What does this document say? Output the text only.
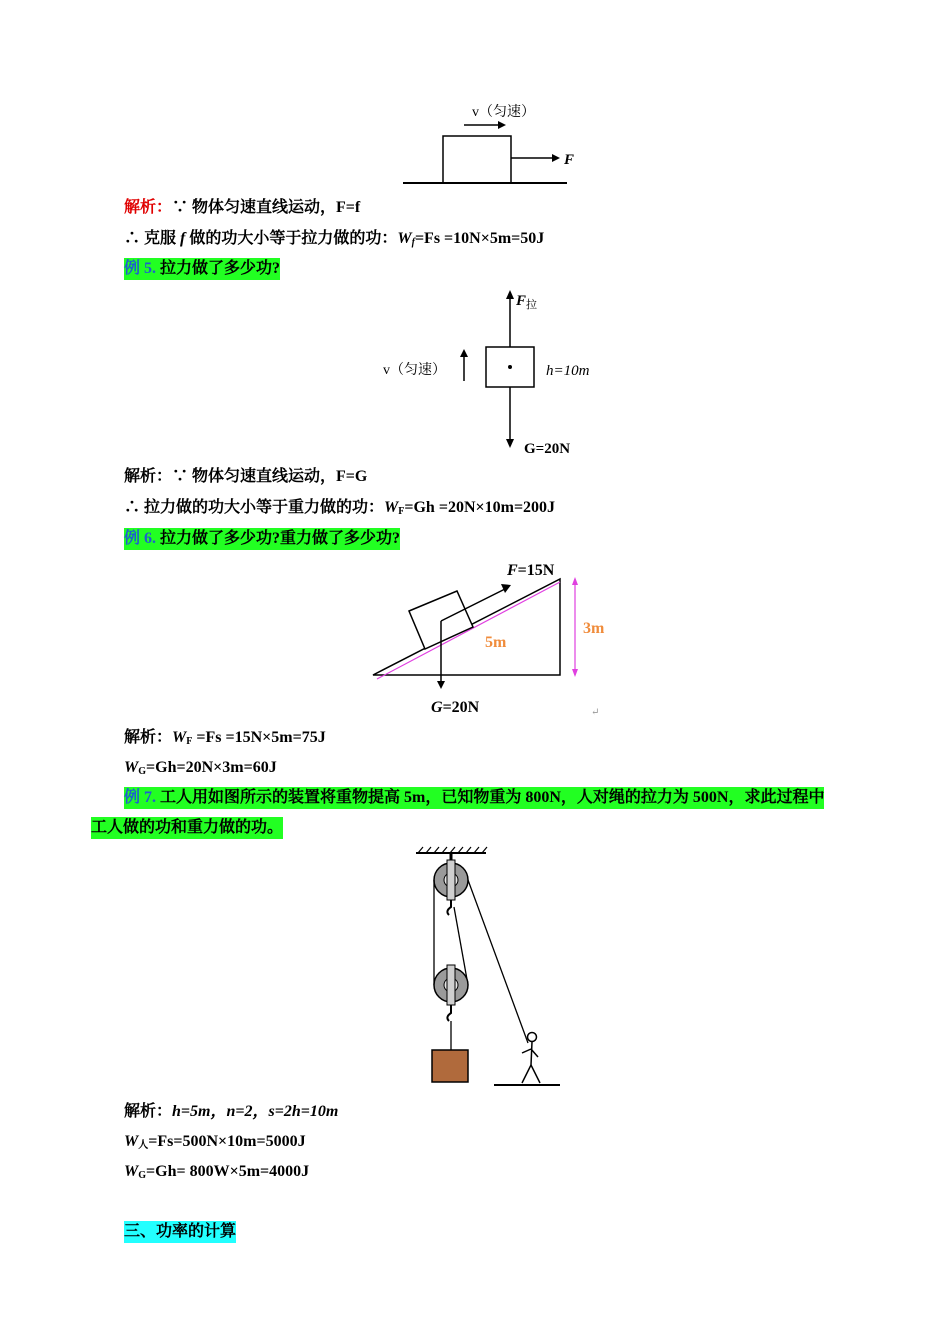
v（匀速）
F
解析：∵ 物体匀速直线运动，F=f
∴ 克服 f 做的功大小等于拉力做的功：$W_f=Fs =10N\times 5m=50J$
例 5. 拉力做了多少功?
$F_拉$
v（匀速）	h=10m
G=20N
解析：∵ 物体匀速直线运动，F=G
∴ 拉力做的功大小等于重力做的功：$W_F=Gh =20N\times 10m=200J$
例 6. 拉力做了多少功?重力做了多少功?
5m
3m
F=15N
G=20N	↵
解析：$W_F =Fs =15N\times 5m=75J$
$W_G=Gh=20N\times 3m=60J$
例 7. 工人用如图所示的装置将重物提高 5m，已知物重为 800N，人对绳的拉力为 500N，求此过程中
工人做的功和重力做的功。
解析：h=5m，n=2，s=2h=10m
$W_人=Fs=500N\times 10m=5000J$
$W_G=Gh= 800W\times 5m=4000J$
三、功率的计算
